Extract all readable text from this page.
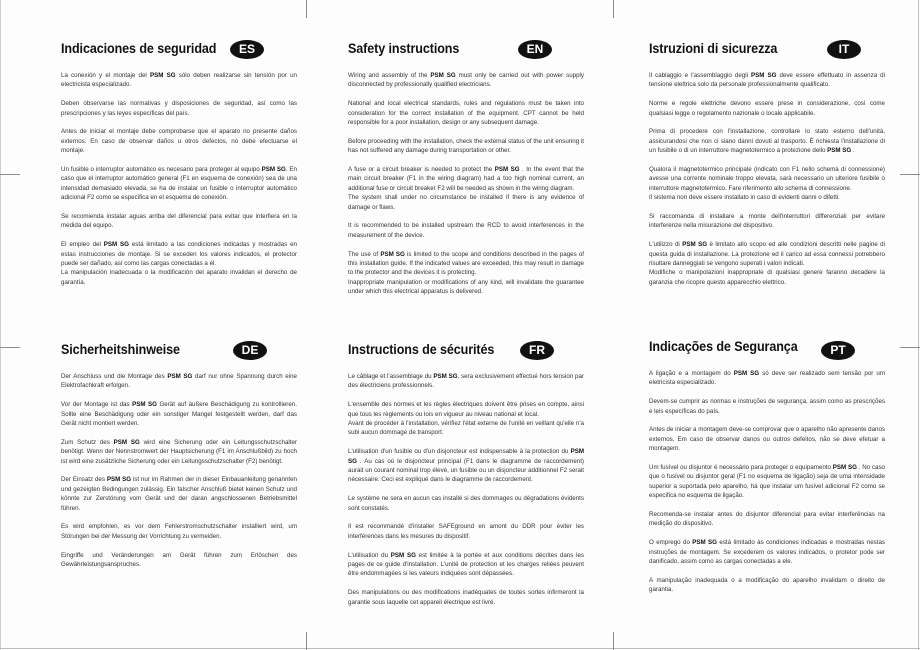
Indicaciones de seguridad	ES

La conexión y el montaje del PSM SG sólo deben realizarse sin tensión por un electricista especializado.

Deben observarse las normativas y disposiciones de seguridad, así como las prescripciones y las leyes específicas del país.

Antes de iniciar el montaje debe comprobarse que el aparato no presente daños externos. En caso de observar daños u otros defectos, no debe efectuarse el montaje.

Un fusible o interruptor automático es necesario para proteger al equipo PSM SG. En caso que el interruptor automático general (F1 en esquema de conexión) sea de una intensidad demasiado elevada, se ha de instalar un fusible o interruptor automático adicional F2 como se especifica en el esquema de conexión.

Se recomienda instalar aguas arriba del diferencial para evitar que interfiera en la medida del equipo.

El empleo del PSM SG está limitado a las condiciones indicadas y mostradas en estas instrucciones de montaje. Si se exceden los valores indicados, el protector puede ser dañado, así como las cargas conectadas a él.
La manipulación inadecuada o la modificación del aparato invalidan el derecho de garantía.

Safety instructions	EN

Wiring and assembly of the PSM SG must only be carried out with power supply disconnected by professionally qualified electricians.

National and local electrical standards, rules and regulations must be taken into consideration for the correct installation of the equipment. CPT cannot be held responsible for a poor installation, design or any subsequent damage.

Before proceeding with the installation, check the external status of the unit ensuring it has not suffered any damage during transportation or other.

A fuse or a circuit breaker is needed to protect the PSM SG . In the event that the main circuit breaker (F1 in the wiring diagram) had a too high nominal current, an additional fuse or circuit breaker F2 will be needed as shown in the wiring diagram.
The system shall under no circumstance be installed if there is any evidence of damage or flaws.

It is recommended to be installed upstream the RCD to avoid interferences in the measurement of the device.

The use of PSM SG is limited to the scope and conditions described in the pages of this installation guide. If the indicated values are exceeded, this may result in damage to the protector and the devices it is protecting.
Inappropriate manipulation or modifications of any kind, will invalidate the guarantee under which this electrical apparatus is delivered.

Istruzioni di sicurezza	IT

Il cablaggio e l'assemblaggio degli PSM SG deve essere effettuato in assenza di tensione elettrica solo da personale professionalmente qualificato.

Norme e regole elettriche devono essere prese in considerazione, così come qualsiasi legge o regolamento nazionale o locale applicabile.

Prima di procedere con l'installazione, controllare lo stato esterno dell'unità, assicurandosi che non ci siano danni dovuti al trasporto. È richiesta l'installazione di un fusibile o di un interruttore magnetotermico a protezione dello PSM SG .

Qualora il magnetotermico principale (indicato con F1 nello schema di connessione) avesse una corrente nominale troppo elevata, sarà necessario un ulteriore fusibile o interruttore magnetotermico. Fare riferimento allo schema di connessione.
Il sistema non deve essere installato in caso di evidenti danni o difetti.

Si raccomanda di installare a monte dell'interruttori differenziali per evitare interferenze nella misurazione del dispositivo.

L'utilizzo di PSM SG è limitato allo scopo ed alle condizioni descritti nelle pagine di questa guida di installazione. La protezione ed il carico ad essa connessi potrebbero risultare danneggiati se vengono superati i valori indicati.
Modifiche o manipolazioni inappropriate di qualsiasi genere faranno decadere la garanzia che ricopre questo apparecchio elettrico.

Sicherheitshinweise	DE

Der Anschluss und die Montage des PSM SG darf nur ohne Spannung durch eine Elektrofachkraft erfolgen.

Vor der Montage ist das PSM SG Gerät auf äußere Beschädigung zu kontrollieren. Sollte eine Beschädigung oder ein sonstiger Mangel festgestellt werden, darf das Gerät nicht montiert werden.

Zum Schutz des PSM SG wird eine Sicherung oder ein Leitungsschutzschalter benötigt. Wenn der Nennstromwert der Hauptsicherung (F1 im Anschlußbild) zu hoch ist wird eine zusätzliche Sicherung oder ein Leitungsschutzschalter (F2) benötigt.

Der Einsatz des PSM SG ist nur im Rahmen der in dieser Einbauanleitung genannten und gezeigten Bedingungen zulässig. Ein falscher Anschluß bietet keinen Schutz und könnte zur Zerstörung vom Gerät und der daran angschlossenen Betriebsmittel führen.

Es wird empfohlen, es vor dem Fehlerstromschutzschalter installiert wird, um Störungen bei der Messung der Vorrichtung zu vermeiden.

Eingriffe und Veränderungen am Gerät führen zum Erlöschen des Gewährleistungsanspruches.

Instructions de sécurités	FR

Le câblage et l'assemblage du PSM SG, sera exclusivement effectué hors tension par des électriciens professionnels.

L'ensemble des normes et les règles électriques doivent être prises en compte, ainsi que tous les règlements ou lois en vigueur au niveau national et local.
Avant de procéder à l'installation, vérifiez l'état externe de l'unité en veillant qu'elle n'a subi aucun dommage de transport.

L'utilisation d'un fusible ou d'un disjoncteur est indispensable à la protection du PSM SG . Au cas où le disjoncteur principal (F1 dans le diagramme de raccordement) aurait un courant nominal trop élevé, un fusible ou un disjoncteur additionnel F2 serait nécessaire. Ceci est expliqué dans le diagramme de raccordement.

Le système ne sera en aucun cas installé si des dommages ou dégradations évidents sont constatés.

Il est recommandé d'installer SAFEground en amont du DDR pour éviter les interférences dans les mesures du dispositif.

L'utilisation du PSM SG est limitée à la portée et aux conditions décrites dans les pages de ce guide d'installation. L'unité de protection et les charges reliées peuvent être endommagées si les valeurs indiquées sont dépassées.

Des manipulations ou des modifications inadéquates de toutes sortes infirmeront la garantie sous laquelle cet appareil électrique est livré.

Indicações de Segurança	PT

A ligação e a montagem do PSM SG só deve ser realizado sem tensão por um eletricista especializado.

Devem-se cumprir as normas e instruções de segurança, assim como as prescrições e leis específicas do país.

Antes de iniciar a montagem deve-se comprovar que o aparelho não apresente danos externos. Em caso de observar danos ou outros defeitos, não se deve efetuar a montagem.

Um fusível ou disjuntor é necessário para proteger o equipamento PSM SG . No caso que o fusível ou disjuntor geral (F1 no esquema de ligação) seja de uma intensidade superior a suportada pelo aparelho, há que instalar um fusível adicional F2 como se especifica no esquema de ligação.

Recomenda-se instalar antes do disjuntor diferencial para evitar interferências na medição do dispositivo.

O emprego do PSM SG está limitado às condiciones indicadas e mostradas nestas instruções de montagem. Se excederem os valores indicados, o protetor pode ser danificado, assim como as cargas conectadas a ele.

A manipulação inadequada o a modificação do aparelho invalidam o direito de garantia.
